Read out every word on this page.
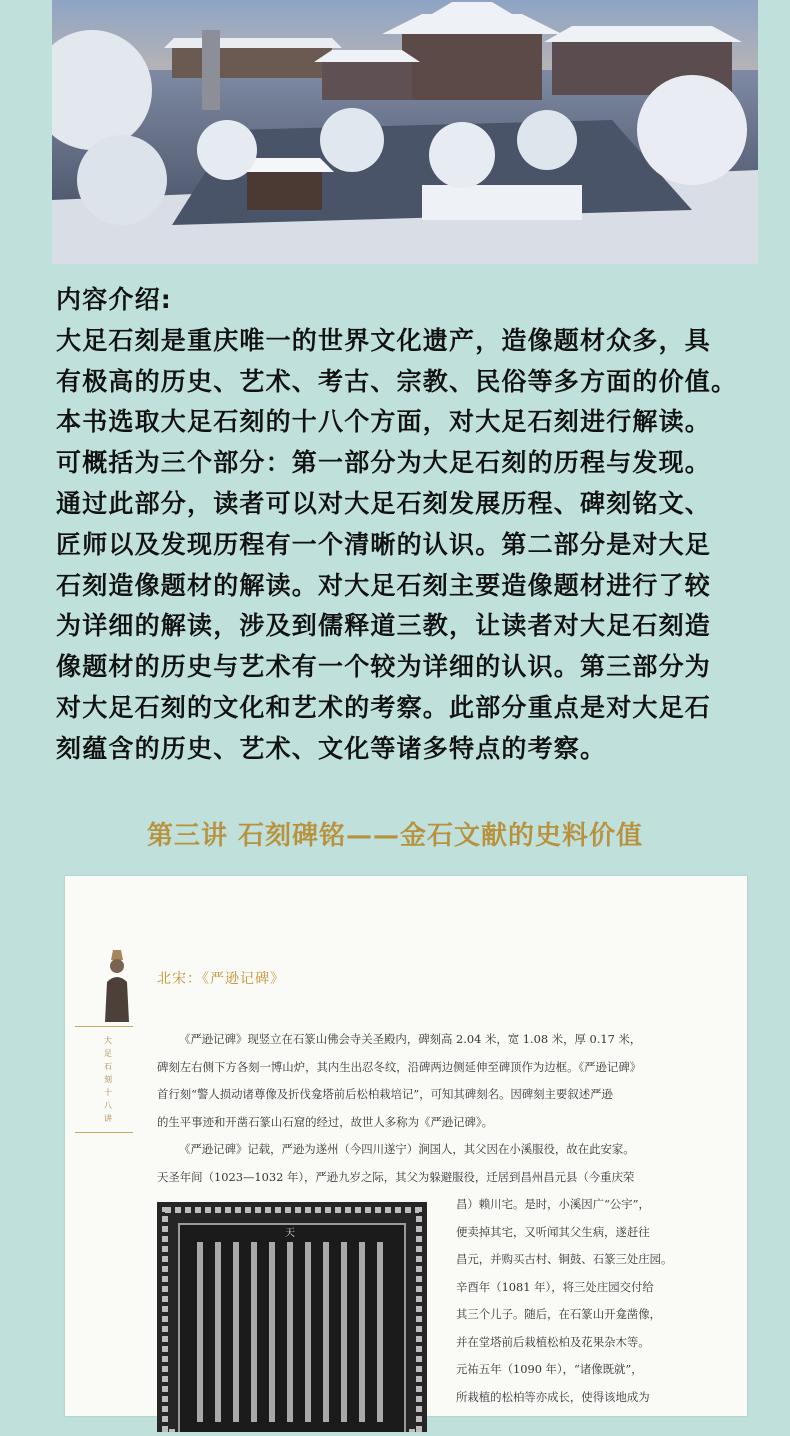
内容介绍:
大足石刻是重庆唯一的世界文化遗产，造像题材众多，具
有极高的历史、艺术、考古、宗教、民俗等多方面的价值。
本书选取大足石刻的十八个方面，对大足石刻进行解读。
可概括为三个部分：第一部分为大足石刻的历程与发现。
通过此部分，读者可以对大足石刻发展历程、碑刻铭文、
匠师以及发现历程有一个清晰的认识。第二部分是对大足
石刻造像题材的解读。对大足石刻主要造像题材进行了较
为详细的解读，涉及到儒释道三教，让读者对大足石刻造
像题材的历史与艺术有一个较为详细的认识。第三部分为
对大足石刻的文化和艺术的考察。此部分重点是对大足石
刻蕴含的历史、艺术、文化等诸多特点的考察。
第三讲 石刻碑铭——金石文献的史料价值
大足石刻十八讲
北宋：《严逊记碑》
《严逊记碑》现竖立在石篆山佛会寺关圣殿内，碑刻高 2.04 米，宽 1.08 米，厚 0.17 米，
碑刻左右侧下方各刻一博山炉，其内生出忍冬纹，沿碑两边侧延伸至碑顶作为边框。《严逊记碑》
首行刻“警人损动诸尊像及折伐龛塔前后松柏栽培记”，可知其碑刻名。因碑刻主要叙述严逊
的生平事迹和开凿石篆山石窟的经过，故世人多称为《严逊记碑》。
《严逊记碑》记载，严逊为遂州（今四川遂宁）涧国人，其父因在小溪服役，故在此安家。
天圣年间（1023—1032 年），严逊九岁之际，其父为躲避服役，迁居到昌州昌元县（今重庆荣
天
昌）赖川宅。是时，小溪因广“公宇”，
便卖掉其宅，又听闻其父生病，遂赶往
昌元，并购买古村、铜鼓、石篆三处庄园。
辛酉年（1081 年），将三处庄园交付给
其三个儿子。随后，在石篆山开龛凿像，
并在堂塔前后栽植松柏及花果杂木等。
元祐五年（1090 年），“诸像既就”，
所栽植的松柏等亦成长，使得该地成为
